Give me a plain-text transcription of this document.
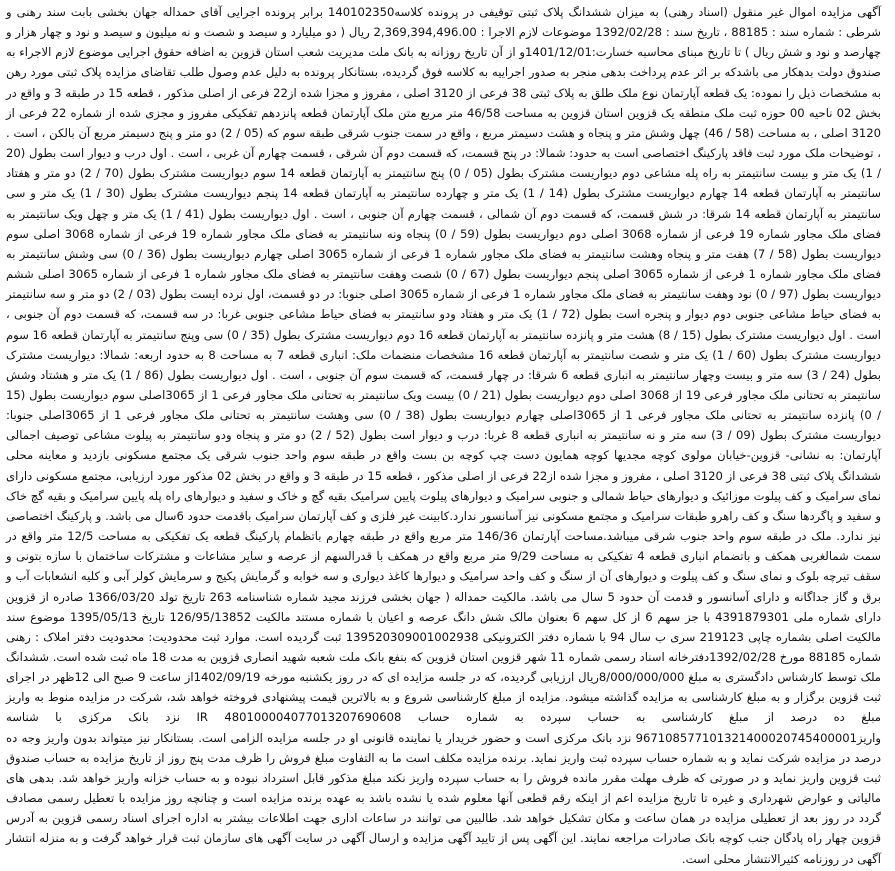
آگهی مزایده اموال غیر منقول (اسناد رهنی) به میزان ششدانگ پلاک ثبتی توقیفی در پرونده کلاسه140102350 برابر پرونده اجرایی آقای حمداله جهان بخشی بابت سند رهنی و شرطی : شماره سند : 88185 ، تاریخ سند : 1392/02/28 موضوعات لازم الاجرا : 2,369,394,496.00 ریال ( دو میلیارد و سیصد و شصت و نه میلیون و سیصد و نود و چهار هزار و چهارصد و نود و شش ریال ) تا تاریخ مبنای محاسبه خسارت:1401/12/01و از آن تاریخ روزانه به بانک ملت مدیریت شعب استان قزوین به اضافه حقوق اجرایی موضوع لازم الاجراء به صندوق دولت بدهکار می باشدکه بر اثر عدم پرداخت بدهی منجر به صدور اجراییه به کلاسه فوق گردیده، بستانکار پرونده به دلیل عدم وصول طلب تقاضای مزایده پلاک ثبتی مورد رهن به مشخصات ذیل را نموده: یک قطعه آپارتمان نوع ملک طلق به پلاک ثبتی 38 فرعی از 3120 اصلی ، مفروز و مجزا شده از22 فرعی از اصلی مذکور ، قطعه 15 در طبقه 3 و واقع در بخش 02 ناحیه 00 حوزه ثبت ملک منطقه یک قزوین استان قزوین به مساحت 46/58 متر مربع متن ملک آپارتمان قطعه پانزدهم تفکیکی مفروز و مجزی شده از شماره 22 فرعی از 3120 اصلی ، به مساحت (58 / 46) چهل وشش متر و پنجاه و هشت دسیمتر مربع ، واقع در سمت جنوب شرقی طبقه سوم که (05 / 2) دو متر و پنج دسیمتر مربع آن بالکن ، است . ، توضیحات ملک مورد ثبت فاقد پارکینگ اختصاصی است به حدود: شمالا: در پنج قسمت، که قسمت دوم آن شرقی ، قسمت چهارم آن غربی ، است . اول درب و دیوار است بطول (20 / 1) یک متر و بیست سانتیمتر به راه پله مشاعی دوم دیواریست مشترک بطول (05 / 0) پنج سانتیمتر به آپارتمان قطعه 14 سوم دیواریست مشترک بطول (70 / 2) دو متر و هفتاد سانتیمتر به آپارتمان قطعه 14 چهارم دیواریست مشترک بطول (14 / 1) یک متر و چهارده سانتیمتر به آپارتمان قطعه 14 پنجم دیواریست مشترک بطول (30 / 1) یک متر و سی سانتیمتر به آپارتمان قطعه 14 شرقا: در شش قسمت، که قسمت دوم آن شمالی ، قسمت چهارم آن جنوبی ، است . اول دیواریست بطول (41 / 1) یک متر و چهل ویک سانتیمتر به فضای ملک مجاور شماره 19 فرعی از شماره 3068 اصلی دوم دیواریست بطول (59 / 0) پنجاه ونه سانتیمتر به فضای ملک مجاور شماره 19 فرعی از شماره 3068 اصلی سوم دیواریست بطول (58 / 7) هفت متر و پنجاه وهشت سانتیمتر به فضای ملک مجاور شماره 1 فرعی از شماره 3065 اصلی چهارم دیواریست بطول (36 / 0) سی وشش سانتیمتر به فضای ملک مجاور شماره 1 فرعی از شماره 3065 اصلی پنجم دیواریست بطول (67 / 0) شصت وهفت سانتیمتر به فضای ملک مجاور شماره 1 فرعی از شماره 3065 اصلی ششم دیواریست بطول (97 / 0) نود وهفت سانتیمتر به فضای ملک مجاور شماره 1 فرعی از شماره 3065 اصلی جنوبا: در دو قسمت، اول نرده ایست بطول (03 / 2) دو متر و سه سانتیمتر به فضای حیاط مشاعی جنوبی دوم دیوار و پنجره است بطول (72 / 1) یک متر و هفتاد ودو سانتیمتر به فضای حیاط مشاعی جنوبی غربا: در سه قسمت، که قسمت دوم آن جنوبی ، است . اول دیواریست مشترک بطول (15 / 8) هشت متر و پانزده سانتیمتر به آپارتمان قطعه 16 دوم دیواریست مشترک بطول (35 / 0) سی وپنج سانتیمتر به آپارتمان قطعه 16 سوم دیواریست مشترک بطول (60 / 1) یک متر و شصت سانتیمتر به آپارتمان قطعه 16 مشخصات منضمات ملک: انباری قطعه 7 به مساحت 8 به حدود اربعه: شمالا: دیواریست مشترک بطول (24 / 3) سه متر و بیست وچهار سانتیمتر به انباری قطعه 6 شرقا: در چهار قسمت، که قسمت سوم آن جنوبی ، است . اول دیواریست بطول (86 / 1) یک متر و هشتاد وشش سانتیمتر به تحتانی ملک مجاور فرعی 19 از 3068 اصلی دوم دیواریست بطول (21 / 0) بیست ویک سانتیمتر به تحتانی ملک مجاور فرعی 1 از 3065اصلی سوم دیواریست بطول (15 / 0) پانزده سانتیمتر به تحتانی ملک مجاور فرعی 1 از 3065اصلی چهارم دیواریست بطول (38 / 0) سی وهشت سانتیمتر به تحتانی ملک مجاور فرعی 1 از 3065اصلی جنوبا: دیواریست مشترک بطول (09 / 3) سه متر و نه سانتیمتر به انباری قطعه 8 غربا: درب و دیوار است بطول (52 / 2) دو متر و پنجاه ودو سانتیمتر به پیلوت مشاعی توصیف اجمالی آپارتمان: به نشانی- قزوین-خیابان مولوی کوچه مجدیها کوچه همایون دست چپ کوچه بن بست واقع در طبقه سوم واحد جنوب شرقی یک مجتمع مسکونی بازدید و معاینه محلی ششدانگ پلاک ثبتی 38 فرعی از 3120 اصلی ، مفروز و مجزا شده از22 فرعی از اصلی مذکور ، قطعه 15 در طبقه 3 و واقع در بخش 02 مذکور مورد ارزیابی، مجتمع مسکونی دارای نمای سرامیک و کف پیلوت موزائیک و دیوارهای حیاط شمالی و جنوبی سرامیک و دیوارهای پیلوت پایین سرامیک بقیه گچ و خاک و سفید و دیوارهای راه پله پایین سرامیک و بقیه گچ خاک و سفید و پاگردها سنگ و کف راهرو طبقات سرامیک و مجتمع مسکونی نیز آسانسور ندارد.کابینت غیر فلزی و کف آپارتمان سرامیک باقدمت حدود 6سال می باشد. و پارکینگ اختصاصی نیز ندارد. ملک در طبقه سوم واحد جنوب شرقی میباشد.مساحت آپارتمان 146/36 متر مربع واقع در طبقه چهارم باتظمام پارکینگ قطعه یک تفکیکی به مساحت 12/5 متر واقع در سمت شمالغربی همکف و باتضمام انباری قطعه 4 تفکیکی به مساحت 9/29 متر مربع واقع در همکف با قدرالسهم از عرصه و سایر مشاعات و مشترکات ساختمان با سازه بتونی و سقف تیرچه بلوک و نمای سنگ و کف پیلوت و دیوارهای آن از سنگ و کف واحد سرامیک و دیوارها کاغذ دیواری و سه خوابه و گرمایش پکیج و سرمایش کولر آبی و کلیه انشعابات آب و برق و گاز جداگانه و دارای آسانسور و قدمت آن حدود 5 سال می باشد. مالکیت حمداله ( جهان بخشی فرزند مجید شماره شناسنامه 263 تاریخ تولد 1366/03/20 صادره از قزوین دارای شماره ملی 4391879301 با جز سهم 6 از کل سهم 6 بعنوان مالک شش دانگ عرصه و اعیان با شماره مستند مالکیت 126/95/13852 تاریخ 1395/05/13 موضوع سند مالکیت اصلی بشماره چاپی 219123 سری ب سال 94 با شماره دفتر الکترونیکی 139520309001002938 ثبت گردیده است. موارد ثبت محدودیت: محدودیت دفتر املاک : رهنی شماره 88185 مورخ 1392/02/28دفترخانه اسناد رسمی شماره 11 شهر قزوین استان قزوین که بنفع بانک ملت شعبه شهید انصاری قزوین به مدت 18 ماه ثبت شده است. ششدانگ ملک توسط کارشناس دادگستری به مبلغ 8/000/000/000ریال ارزیابی گردیده، که در جلسه مزایده ای که در روز یکشنبه مورخه 1402/09/19از ساعت 9 صبح الی 12ظهر در اجرای ثبت قزوین برگزار و به مبلغ کارشناسی به مزایده گذاشته میشود. مزایده از مبلغ کارشناسی شروع و به بالاترین قیمت پیشنهادی فروخته خواهد شد، شرکت در مزایده منوط به واریز مبلغ ده درصد از مبلغ کارشناسی به حساب سپرده به شماره حساب IR 480100004077013207690608 نزد بانک مرکزی با شناسه واریز967108577101321400020745400001 نزد بانک مرکزی است و حضور خریدار یا نماینده قانونی او در جلسه مزایده الزامی است. بستانکار نیز میتواند بدون واریز وجه ده درصد در مزایده شرکت نماید و به شماره حساب سپرده ثبت واریز نماید. برنده مزایده مکلف است ما به التفاوت مبلغ فروش را ظرف مدت پنج روز از تاریخ مزایده به حساب صندوق ثبت قزوین واریز نماید و در صورتی که ظرف مهلت مقرر مانده فروش را به حساب سپرده واریز نکند مبلغ مذکور قابل استرداد نبوده و به حساب خزانه واریز خواهد شد. بدهی های مالیاتی و عوارض شهرداری و غیره تا تاریخ مزایده اعم از اینکه رقم قطعی آنها معلوم شده یا نشده باشد به عهده برنده مزایده است و چنانچه روز مزایده با تعطیل رسمی مصادف گردد در روز بعد از تعطیلی مزایده در همان ساعت و مکان تشکیل خواهد شد. طالبین می توانند در ساعات اداری جهت اطلاعات بیشتر به اداره اجرای اسناد رسمی قزوین به آدرس قزوین چهار راه پادگان جنب کوچه بانک صادرات مراجعه نمایند. این آگهی پس از تایید آگهی مزایده و ارسال آگهی در سایت آگهی های سازمان ثبت قرار خواهد گرفت و به منزله انتشار آگهی در روزنامه کثیرالانتشار محلی است.
